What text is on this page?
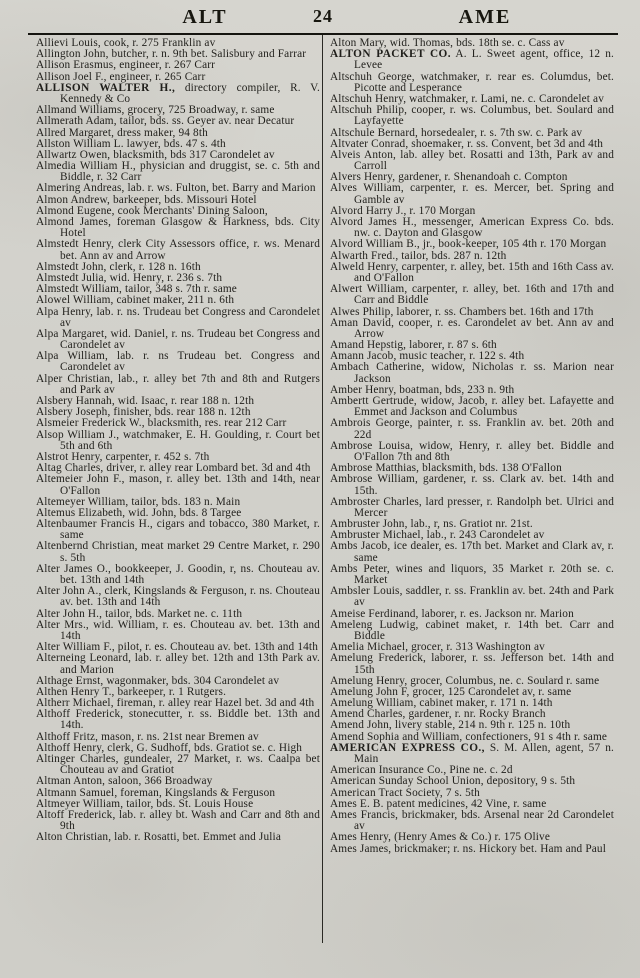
ALT	24	AME

Allievi Louis, cook, r. 275 Franklin av

Allington John, butcher, r. n. 9th bet. Salisbury and Farrar

Allison Erasmus, engineer, r. 267 Carr

Allison Joel F., engineer, r. 265 Carr

ALLISON WALTER H., directory compiler, R. V. Kennedy & Co

Allmand Williams, grocery, 725 Broadway, r. same

Allmerath Adam, tailor, bds. ss. Geyer av. near Decatur

Allred Margaret, dress maker, 94 8th

Allston William L. lawyer, bds. 47 s. 4th

Allwartz Owen, blacksmith, bds 317 Carondelet av

Almedia William H., physician and druggist, se. c. 5th and Biddle, r. 32 Carr

Almering Andreas, lab. r. ws. Fulton, bet. Barry and Marion

Almon Andrew, barkeeper, bds. Missouri Hotel

Almond Eugene, cook Merchants' Dining Saloon,

Almond James, foreman Glasgow & Harkness, bds. City Hotel

Almstedt Henry, clerk City Assessors office, r. ws. Menard bet. Ann av and Arrow

Almstedt John, clerk, r. 128 n. 16th

Almstedt Julia, wid. Henry, r. 236 s. 7th

Almstedt William, tailor, 348 s. 7th r. same

Alowel William, cabinet maker, 211 n. 6th

Alpa Henry, lab. r. ns. Trudeau bet Congress and Carondelet av

Alpa Margaret, wid. Daniel, r. ns. Trudeau bet Congress and Carondelet av

Alpa William, lab. r. ns Trudeau bet. Congress and Carondelet av

Alper Christian, lab., r. alley bet 7th and 8th and Rutgers and Park av

Alsbery Hannah, wid. Isaac, r. rear 188 n. 12th

Alsbery Joseph, finisher, bds. rear 188 n. 12th

Alsmeier Frederick W., blacksmith, res. rear 212 Carr

Alsop William J., watchmaker, E. H. Goulding, r. Court bet 5th and 6th

Alstrot Henry, carpenter, r. 452 s. 7th

Altag Charles, driver, r. alley rear Lombard bet. 3d and 4th

Altemeier John F., mason, r. alley bet. 13th and 14th, near O'Fallon

Altemeyer William, tailor, bds. 183 n. Main

Altemus Elizabeth, wid. John, bds. 8 Targee

Altenbaumer Francis H., cigars and tobacco, 380 Market, r. same

Altenbernd Christian, meat market 29 Centre Market, r. 290 s. 5th

Alter James O., bookkeeper, J. Goodin, r, ns. Chouteau av. bet. 13th and 14th

Alter John A., clerk, Kingslands & Ferguson, r. ns. Chouteau av. bet. 13th and 14th

Alter John H., tailor, bds. Market ne. c. 11th

Alter Mrs., wid. William, r. es. Chouteau av. bet. 13th and 14th

Alter William F., pilot, r. es. Chouteau av. bet. 13th and 14th

Alterneing Leonard, lab. r. alley bet. 12th and 13th Park av. and Marion

Althage Ernst, wagonmaker, bds. 304 Carondelet av

Althen Henry T., barkeeper, r. 1 Rutgers.

Altherr Michael, fireman, r. alley rear Hazel bet. 3d and 4th

Althoff Frederick, stonecutter, r. ss. Biddle bet. 13th and 14th.

Althoff Fritz, mason, r. ns. 21st near Bremen av

Althoff Henry, clerk, G. Sudhoff, bds. Gratiot se. c. High

Altinger Charles, gundealer, 27 Market, r. ws. Caalpa bet Chouteau av and Gratiot

Altman Anton, saloon, 366 Broadway

Altmann Samuel, foreman, Kingslands & Ferguson

Altmeyer William, tailor, bds. St. Louis House

Altoff Frederick, lab. r. alley bt. Wash and Carr and 8th and 9th

Alton Christian, lab. r. Rosatti, bet. Emmet and Julia

Alton Mary, wid. Thomas, bds. 18th se. c. Cass av

ALTON PACKET CO. A. L. Sweet agent, office, 12 n. Levee

Altschuh George, watchmaker, r. rear es. Columdus, bet. Picotte and Lesperance

Altschuh Henry, watchmaker, r. Lami, ne. c. Carondelet av

Altschuh Philip, cooper, r. ws. Columbus, bet. Soulard and Layfayette

Altschule Bernard, horsedealer, r. s. 7th sw. c. Park av

Altvater Conrad, shoemaker, r. ss. Convent, bet 3d and 4th

Alveis Anton, lab. alley bet. Rosatti and 13th, Park av and Carroll

Alvers Henry, gardener, r. Shenandoah c. Compton

Alves William, carpenter, r. es. Mercer, bet. Spring and Gamble av

Alvord Harry J., r. 170 Morgan

Alvord James H., messenger, American Express Co. bds. nw. c. Dayton and Glasgow

Alvord William B., jr., book-keeper, 105 4th r. 170 Morgan

Alwarth Fred., tailor, bds. 287 n. 12th

Alweld Henry, carpenter, r. alley, bet. 15th and 16th Cass av. and O'Fallon

Alwert William, carpenter, r. alley, bet. 16th and 17th and Carr and Biddle

Alwes Philip, laborer, r. ss. Chambers bet. 16th and 17th

Aman David, cooper, r. es. Carondelet av bet. Ann av and Arrow

Amand Hepstig, laborer, r. 87 s. 6th

Amann Jacob, music teacher, r. 122 s. 4th

Ambach Catherine, widow, Nicholas r. ss. Marion near Jackson

Amber Henry, boatman, bds, 233 n. 9th

Ambertt Gertrude, widow, Jacob, r. alley bet. Lafayette and Emmet and Jackson and Columbus

Ambrois George, painter, r. ss. Franklin av. bet. 20th and 22d

Ambrose Louisa, widow, Henry, r. alley bet. Biddle and O'Fallon 7th and 8th

Ambrose Matthias, blacksmith, bds. 138 O'Fallon

Ambrose William, gardener, r. ss. Clark av. bet. 14th and 15th.

Ambroster Charles, lard presser, r. Randolph bet. Ulrici and Mercer

Ambruster John, lab., r, ns. Gratiot nr. 21st.

Ambruster Michael, lab., r. 243 Carondelet av

Ambs Jacob, ice dealer, es. 17th bet. Market and Clark av, r. same

Ambs Peter, wines and liquors, 35 Market r. 20th se. c. Market

Ambsler Louis, saddler, r. ss. Franklin av. bet. 24th and Park av

Ameise Ferdinand, laborer, r. es. Jackson nr. Marion

Ameleng Ludwig, cabinet maket, r. 14th bet. Carr and Biddle

Amelia Michael, grocer, r. 313 Washington av

Amelung Frederick, laborer, r. ss. Jefferson bet. 14th and 15th

Amelung Henry, grocer, Columbus, ne. c. Soulard r. same

Amelung John F, grocer, 125 Carondelet av, r. same

Amelung William, cabinet maker, r. 171 n. 14th

Amend Charles, gardener, r. nr. Rocky Branch

Amend John, livery stable, 214 n. 9th r. 125 n. 10th

Amend Sophia and William, confectioners, 91 s 4th r. same

AMERICAN EXPRESS CO., S. M. Allen, agent, 57 n. Main

American Insurance Co., Pine ne. c. 2d

American Sunday School Union, depository, 9 s. 5th

American Tract Society, 7 s. 5th

Ames E. B. patent medicines, 42 Vine, r. same

Ames Francis, brickmaker, bds. Arsenal near 2d Carondelet av

Ames Henry, (Henry Ames & Co.) r. 175 Olive

Ames James, brickmaker; r. ns. Hickory bet. Ham and Paul
